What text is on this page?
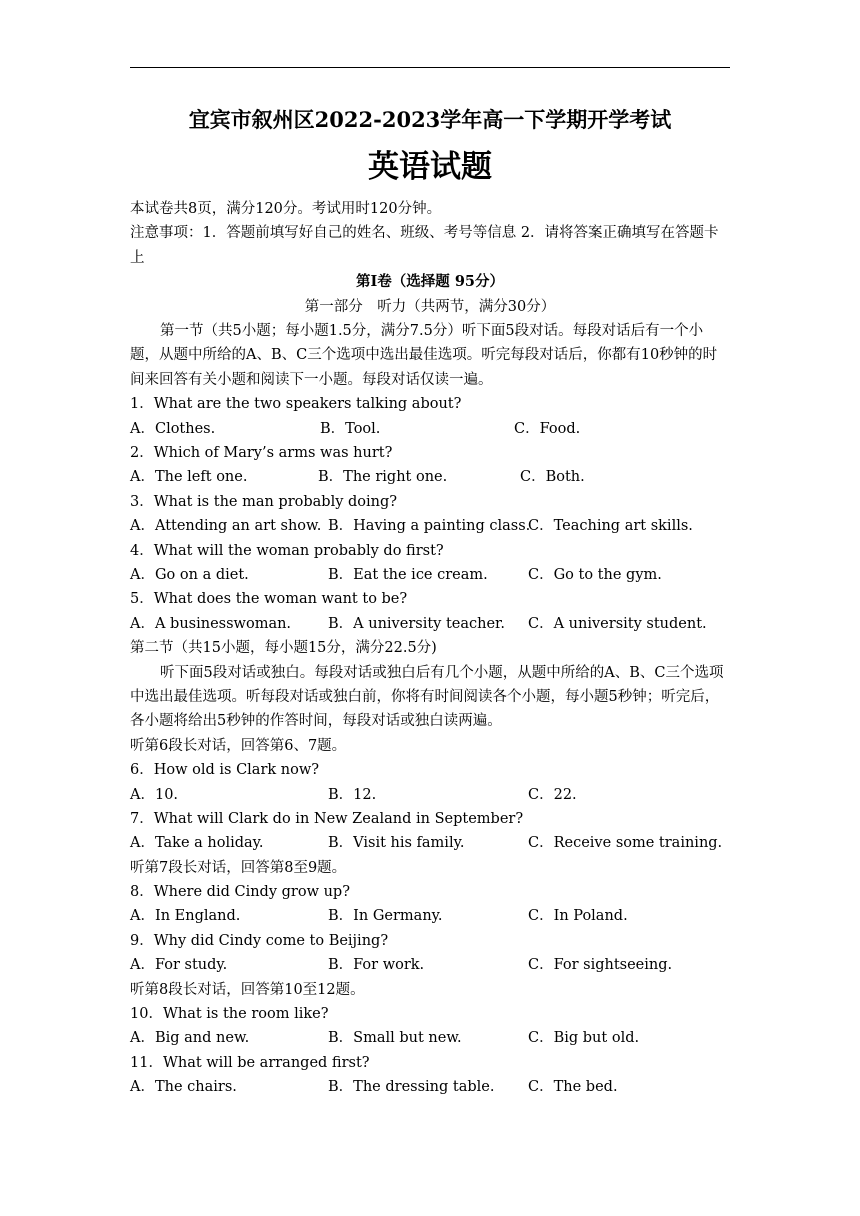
宜宾市叙州区2022-2023学年高一下学期开学考试
英语试题
本试卷共8页，满分120分。考试用时120分钟。
注意事项：1．答题前填写好自己的姓名、班级、考号等信息 2．请将答案正确填写在答题卡上
第I卷（选择题 95分）
第一部分　听力（共两节，满分30分）
第一节（共5小题；每小题1.5分，满分7.5分）听下面5段对话。每段对话后有一个小题，从题中所给的A、B、C三个选项中选出最佳选项。听完每段对话后，你都有10秒钟的时间来回答有关小题和阅读下一小题。每段对话仅读一遍。
1．What are the two speakers talking about?
A．Clothes.	B．Tool.	C．Food.
2．Which of Mary’s arms was hurt?
A．The left one.	B．The right one.	C．Both.
3．What is the man probably doing?
A．Attending an art show. B．Having a painting class.
C．Teaching art skills.
4．What will the woman probably do first?
A．Go on a diet.	B．Eat the ice cream.	C．Go to the gym.
5．What does the woman want to be?
A．A businesswoman.	B．A university teacher. C．A university student.
第二节（共15小题，每小题15分，满分22.5分)
听下面5段对话或独白。每段对话或独白后有几个小题，从题中所给的A、B、C三个选项中选出最佳选项。听每段对话或独白前，你将有时间阅读各个小题，每小题5秒钟；听完后，各小题将给出5秒钟的作答时间，每段对话或独白读两遍。
听第6段长对话，回答第6、7题。
6．How old is Clark now?
A．10.	B．12.	C．22.
7．What will Clark do in New Zealand in September?
A．Take a holiday.	B．Visit his family.	C．Receive some training.
听第7段长对话，回答第8至9题。
8．Where did Cindy grow up?
A．In England.	B．In Germany.	C．In Poland.
9．Why did Cindy come to Beijing?
A．For study.	B．For work.	C．For sightseeing.
听第8段长对话，回答第10至12题。
10．What is the room like?
A．Big and new.	B．Small but new.	C．Big but old.
11．What will be arranged first?
A．The chairs.	B．The dressing table. C．The bed.
